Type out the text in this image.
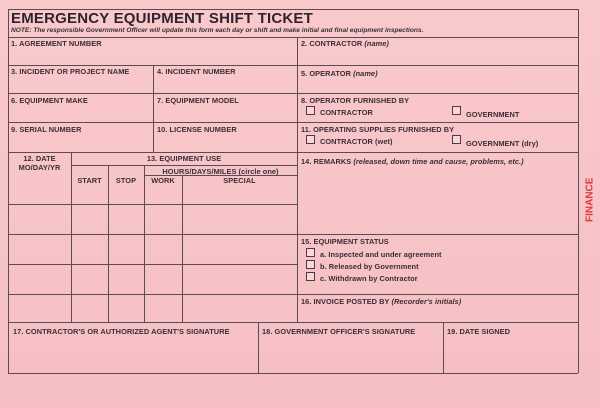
EMERGENCY EQUIPMENT SHIFT TICKET
NOTE: The responsible Government Officer will update this form each day or shift and make initial and final equipment inspections.
1. AGREEMENT NUMBER	2. CONTRACTOR (name)
3. INCIDENT OR PROJECT NAME	4. INCIDENT NUMBER	5. OPERATOR (name)
6. EQUIPMENT MAKE	7. EQUIPMENT MODEL	8. OPERATOR FURNISHED BY
CONTRACTOR	GOVERNMENT
9. SERIAL NUMBER	10. LICENSE NUMBER	11. OPERATING SUPPLIES FURNISHED BY
CONTRACTOR (wet)	GOVERNMENT (dry)
12. DATE
MO/DAY/YR
13. EQUIPMENT USE
HOURS/DAYS/MILES (circle one)
START	STOP	WORK	SPECIAL
14. REMARKS (released, down time and cause, problems, etc.)
15. EQUIPMENT STATUS
a. Inspected and under agreement
b. Released by Government
c. Withdrawn by Contractor
16. INVOICE POSTED BY (Recorder's initials)
17. CONTRACTOR'S OR AUTHORIZED AGENT'S SIGNATURE	18. GOVERNMENT OFFICER'S SIGNATURE	19. DATE SIGNED
FINANCE
